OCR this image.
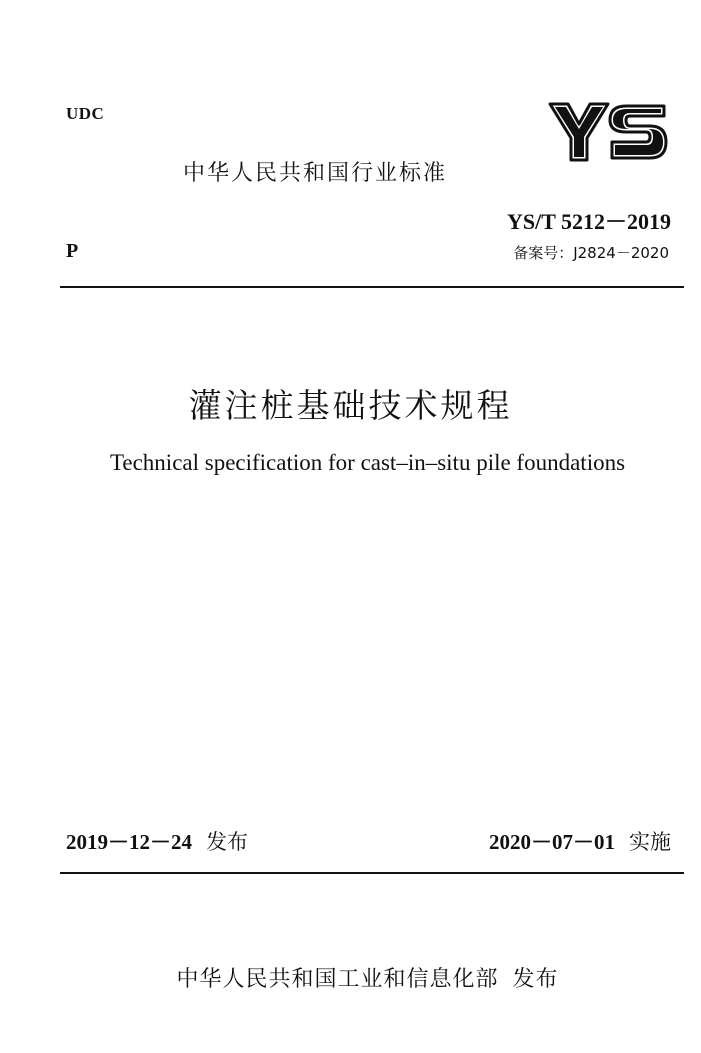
UDC
中华人民共和国行业标准
YS/T 5212－2019
P	备案号：J2824－2020
灌注桩基础技术规程
Technical specification for cast–in–situ pile foundations
2019－12－24 发布	2020－07－01 实施
中华人民共和国工业和信息化部 发布
